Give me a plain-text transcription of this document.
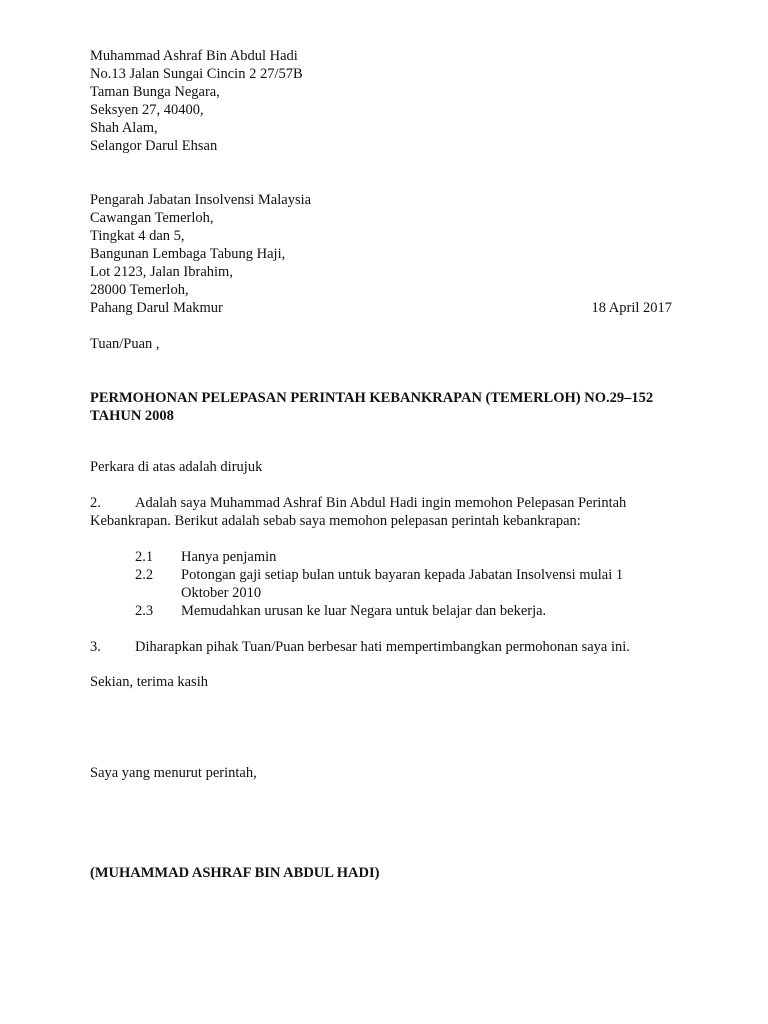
Muhammad Ashraf Bin Abdul Hadi
No.13 Jalan Sungai Cincin 2 27/57B
Taman Bunga Negara,
Seksyen 27, 40400,
Shah Alam,
Selangor Darul Ehsan
Pengarah Jabatan Insolvensi Malaysia
Cawangan Temerloh,
Tingkat 4 dan 5,
Bangunan Lembaga Tabung Haji,
Lot 2123, Jalan Ibrahim,
28000 Temerloh,
Pahang Darul Makmur	18 April 2017
Tuan/Puan ,
PERMOHONAN PELEPASAN PERINTAH KEBANKRAPAN (TEMERLOH) NO.29–152
TAHUN 2008
Perkara di atas adalah dirujuk
2. Adalah saya Muhammad Ashraf Bin Abdul Hadi ingin memohon Pelepasan Perintah
Kebankrapan. Berikut adalah sebab saya memohon pelepasan perintah kebankrapan:
2.1 Hanya penjamin
2.2 Potongan gaji setiap bulan untuk bayaran kepada Jabatan Insolvensi mulai 1
Oktober 2010
2.3 Memudahkan urusan ke luar Negara untuk belajar dan bekerja.
3. Diharapkan pihak Tuan/Puan berbesar hati mempertimbangkan permohonan saya ini.
Sekian, terima kasih
Saya yang menurut perintah,
(MUHAMMAD ASHRAF BIN ABDUL HADI)
